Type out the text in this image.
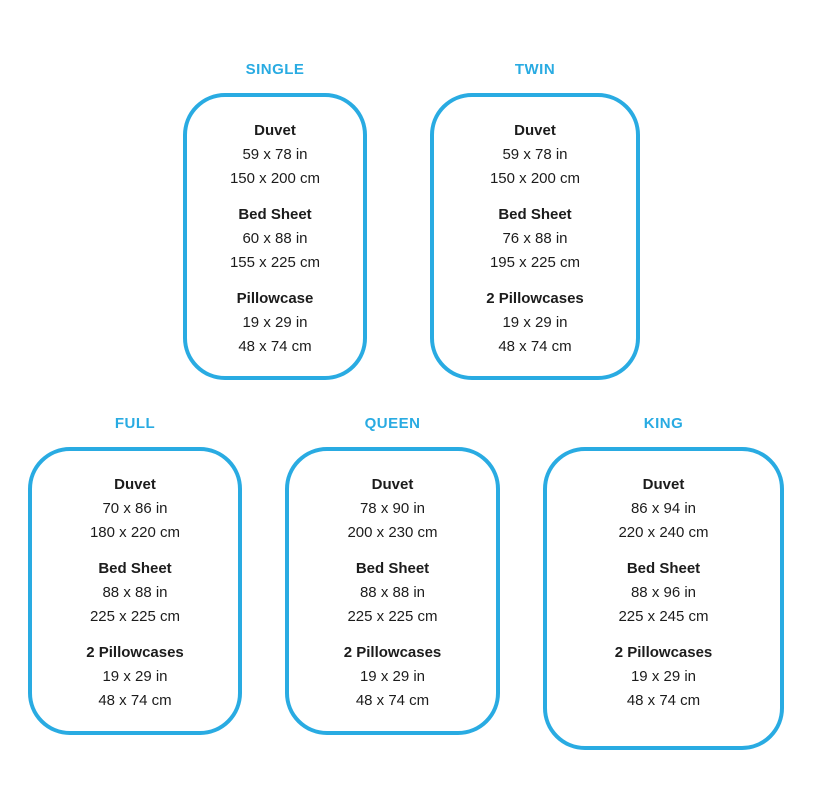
SINGLE
Duvet
59 x 78 in
150 x 200 cm
Bed Sheet
60 x 88 in
155 x 225 cm
Pillowcase
19 x 29 in
48 x 74 cm
TWIN
Duvet
59 x 78 in
150 x 200 cm
Bed Sheet
76 x 88 in
195 x 225 cm
2 Pillowcases
19 x 29 in
48 x 74 cm
FULL
Duvet
70 x 86 in
180 x 220 cm
Bed Sheet
88 x 88 in
225 x 225 cm
2 Pillowcases
19 x 29 in
48 x 74 cm
QUEEN
Duvet
78 x 90 in
200 x 230 cm
Bed Sheet
88 x 88 in
225 x 225 cm
2 Pillowcases
19 x 29 in
48 x 74 cm
KING
Duvet
86 x 94 in
220 x 240 cm
Bed Sheet
88 x 96 in
225 x 245 cm
2 Pillowcases
19 x 29 in
48 x 74 cm
